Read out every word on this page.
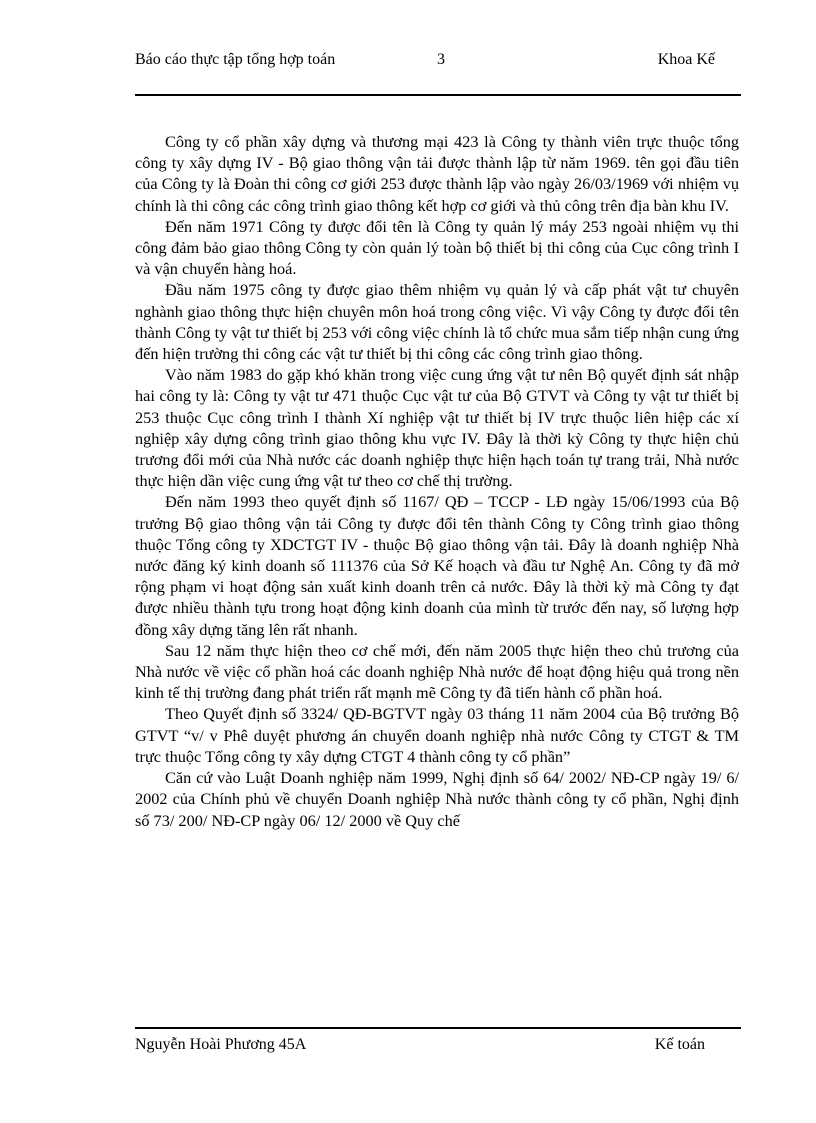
Báo cáo thực tập tổng hợp toán	3	Khoa Kế

Công ty cổ phần xây dựng và thương mại 423 là Công ty thành viên trực thuộc tổng công ty xây dựng IV - Bộ giao thông vận tải được thành lập từ năm 1969. tên gọi đầu tiên của Công ty là Đoàn thi công cơ giới 253 được thành lập vào ngày 26/03/1969 với nhiệm vụ chính là thi công các công trình giao thông kết hợp cơ giới và thủ công trên địa bàn khu IV.

Đến năm 1971 Công ty được đổi tên là Công ty quản lý máy 253 ngoài nhiệm vụ thi công đảm bảo giao thông Công ty còn quản lý toàn bộ thiết bị thi công của Cục công trình I và vận chuyển hàng hoá.

Đầu năm 1975 công ty được giao thêm nhiệm vụ quản lý và cấp phát vật tư chuyên nghành giao thông thực hiện chuyên môn hoá trong công việc. Vì vậy Công ty được đổi tên thành Công ty vật tư thiết bị 253 với công việc chính là tổ chức mua sắm tiếp nhận cung ứng đến hiện trường thi công các vật tư thiết bị thi công các công trình giao thông.

Vào năm 1983 do gặp khó khăn trong việc cung ứng vật tư nên Bộ quyết định sát nhập hai công ty là: Công ty vật tư 471 thuộc Cục vật tư của Bộ GTVT và Công ty vật tư thiết bị 253 thuộc Cục công trình I thành Xí nghiệp vật tư thiết bị IV trực thuộc liên hiệp các xí nghiệp xây dựng công trình giao thông khu vực IV. Đây là thời kỳ Công ty thực hiện chủ trương đổi mới của Nhà nước các doanh nghiệp thực hiện hạch toán tự trang trải, Nhà nước thực hiện dần việc cung ứng vật tư theo cơ chế thị trường.

Đến năm 1993 theo quyết định số 1167/ QĐ – TCCP - LĐ ngày 15/06/1993 của Bộ trưởng Bộ giao thông vận tải Công ty được đổi tên thành Công ty Công trình giao thông thuộc Tổng công ty XDCTGT IV - thuộc Bộ giao thông vận tải. Đây là doanh nghiệp Nhà nước đăng ký kinh doanh số 111376 của Sở Kế hoạch và đầu tư Nghệ An. Công ty đã mở rộng phạm vi hoạt động sản xuất kinh doanh trên cả nước. Đây là thời kỳ mà Công ty đạt được nhiều thành tựu trong hoạt động kinh doanh của mình từ trước đến nay, số lượng hợp đồng xây dựng tăng lên rất nhanh.

Sau 12 năm thực hiện theo cơ chế mới, đến năm 2005 thực hiện theo chủ trương của Nhà nước về việc cổ phần hoá các doanh nghiệp Nhà nước để hoạt động hiệu quả trong nền kinh tế thị trường đang phát triển rất mạnh mẽ Công ty đã tiến hành cổ phần hoá.

Theo Quyết định số 3324/ QĐ-BGTVT ngày 03 tháng 11 năm 2004 của Bộ trưởng Bộ GTVT “v/ v Phê duyệt phương án chuyển doanh nghiệp nhà nước Công ty CTGT & TM trực thuộc Tổng công ty xây dựng CTGT 4 thành công ty cổ phần”

Căn cứ vào Luật Doanh nghiệp năm 1999, Nghị định số 64/ 2002/ NĐ-CP ngày 19/ 6/ 2002 của Chính phủ về chuyển Doanh nghiệp Nhà nước thành công ty cổ phần, Nghị định số 73/ 200/ NĐ-CP ngày 06/ 12/ 2000 về Quy chế

Nguyễn Hoài Phương 45A	Kế toán
